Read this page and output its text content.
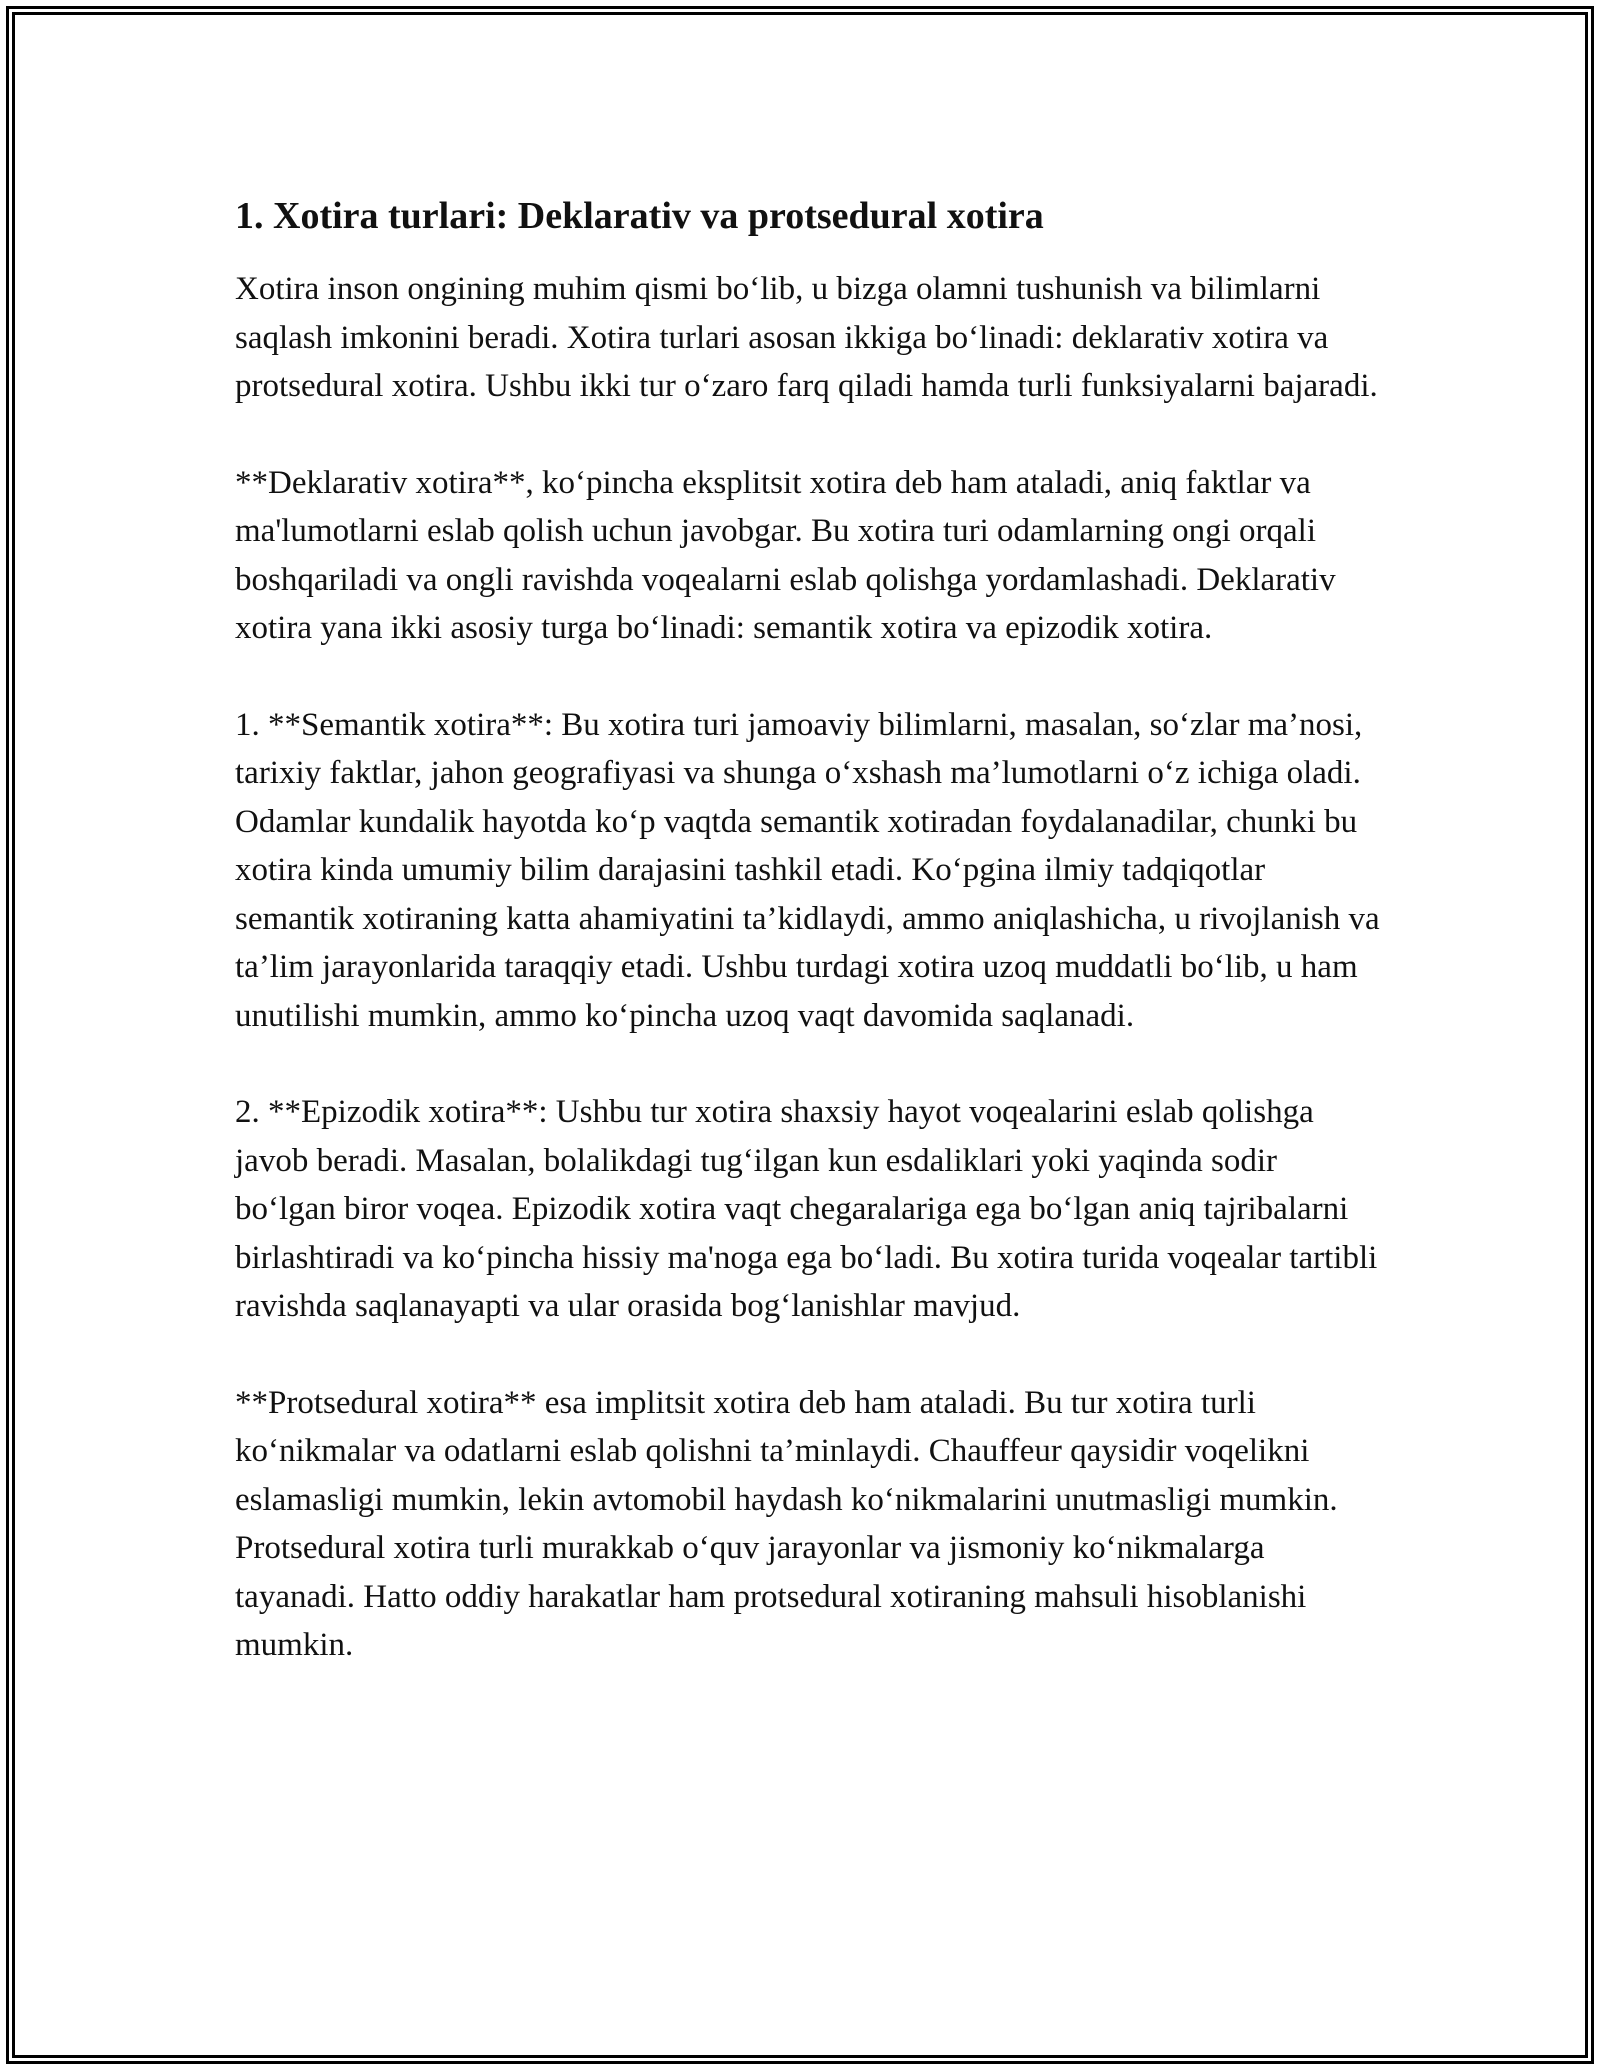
1. Xotira turlari: Deklarativ va protsedural xotira

Xotira inson ongining muhim qismi bo‘lib, u bizga olamni tushunish va bilimlarni saqlash imkonini beradi. Xotira turlari asosan ikkiga bo‘linadi: deklarativ xotira va protsedural xotira. Ushbu ikki tur o‘zaro farq qiladi hamda turli funksiyalarni bajaradi.

**Deklarativ xotira**, ko‘pincha eksplitsit xotira deb ham ataladi, aniq faktlar va ma'lumotlarni eslab qolish uchun javobgar. Bu xotira turi odamlarning ongi orqali boshqariladi va ongli ravishda voqealarni eslab qolishga yordamlashadi. Deklarativ xotira yana ikki asosiy turga bo‘linadi: semantik xotira va epizodik xotira.

1. **Semantik xotira**: Bu xotira turi jamoaviy bilimlarni, masalan, so‘zlar ma’nosi, tarixiy faktlar, jahon geografiyasi va shunga o‘xshash ma’lumotlarni o‘z ichiga oladi. Odamlar kundalik hayotda ko‘p vaqtda semantik xotiradan foydalanadilar, chunki bu xotira kinda umumiy bilim darajasini tashkil etadi. Ko‘pgina ilmiy tadqiqotlar semantik xotiraning katta ahamiyatini ta’kidlaydi, ammo aniqlashicha, u rivojlanish va ta’lim jarayonlarida taraqqiy etadi. Ushbu turdagi xotira uzoq muddatli bo‘lib, u ham unutilishi mumkin, ammo ko‘pincha uzoq vaqt davomida saqlanadi.

2. **Epizodik xotira**: Ushbu tur xotira shaxsiy hayot voqealarini eslab qolishga javob beradi. Masalan, bolalikdagi tug‘ilgan kun esdaliklari yoki yaqinda sodir bo‘lgan biror voqea. Epizodik xotira vaqt chegaralariga ega bo‘lgan aniq tajribalarni birlashtiradi va ko‘pincha hissiy ma'noga ega bo‘ladi. Bu xotira turida voqealar tartibli ravishda saqlanayapti va ular orasida bog‘lanishlar mavjud.

**Protsedural xotira** esa implitsit xotira deb ham ataladi. Bu tur xotira turli ko‘nikmalar va odatlarni eslab qolishni ta’minlaydi. Chauffeur qaysidir voqelikni eslamasligi mumkin, lekin avtomobil haydash ko‘nikmalarini unutmasligi mumkin. Protsedural xotira turli murakkab o‘quv jarayonlar va jismoniy ko‘nikmalarga tayanadi. Hatto oddiy harakatlar ham protsedural xotiraning mahsuli hisoblanishi mumkin.
